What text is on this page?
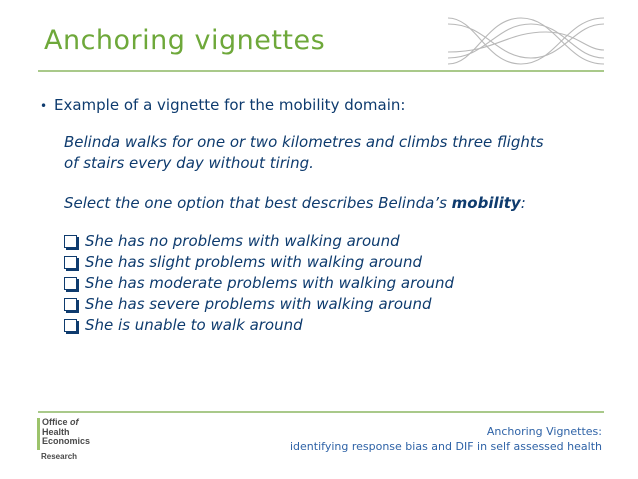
Anchoring vignettes
• Example of a vignette for the mobility domain:
Belinda walks for one or two kilometres and climbs three flights
of stairs every day without tiring.
Select the one option that best describes Belinda’s mobility:
She has no problems with walking around
She has slight problems with walking around
She has moderate problems with walking around
She has severe problems with walking around
She is unable to walk around
Office of
Health
Economics
Research
Anchoring Vignettes:
identifying response bias and DIF in self assessed health
